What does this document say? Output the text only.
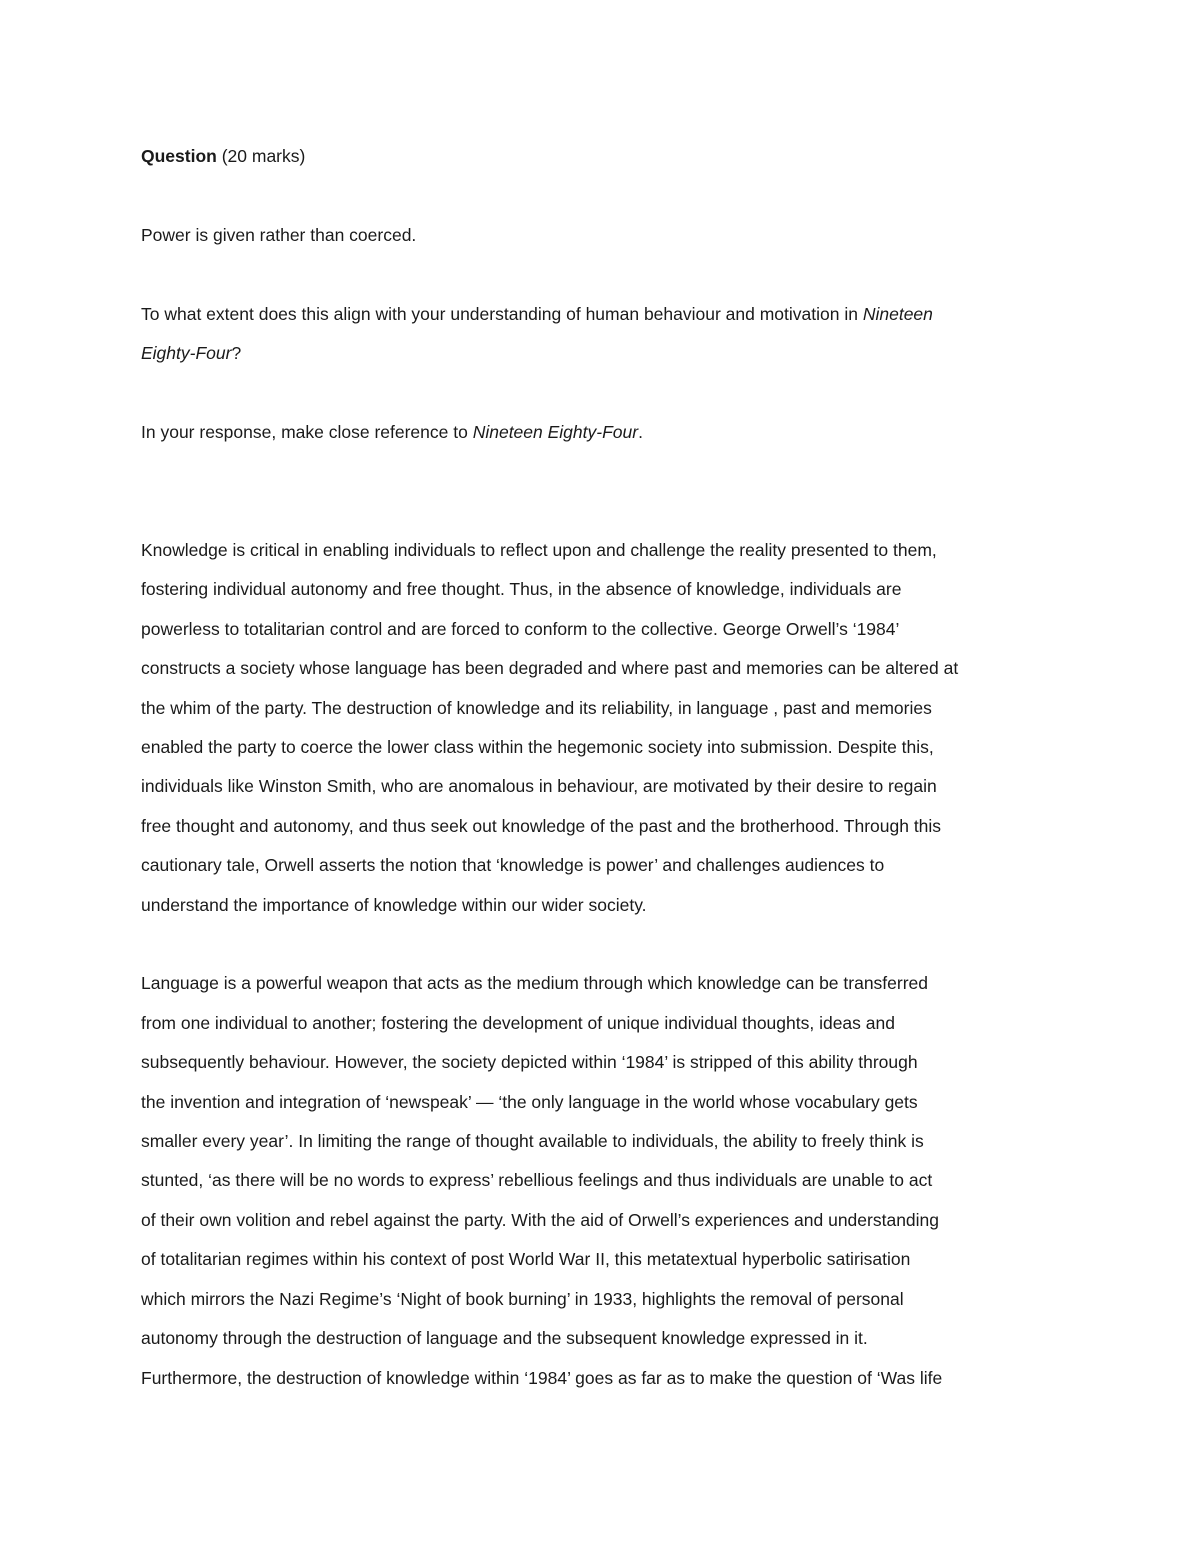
Question (20 marks)

Power is given rather than coerced.

To what extent does this align with your understanding of human behaviour and motivation in Nineteen
Eighty-Four?

In your response, make close reference to Nineteen Eighty-Four.

Knowledge is critical in enabling individuals to reflect upon and challenge the reality presented to them,
fostering individual autonomy and free thought. Thus, in the absence of knowledge, individuals are
powerless to totalitarian control and are forced to conform to the collective. George Orwell’s ‘1984’
constructs a society whose language has been degraded and where past and memories can be altered at
the whim of the party. The destruction of knowledge and its reliability, in language , past and memories
enabled the party to coerce the lower class within the hegemonic society into submission. Despite this,
individuals like Winston Smith, who are anomalous in behaviour, are motivated by their desire to regain
free thought and autonomy, and thus seek out knowledge of the past and the brotherhood. Through this
cautionary tale, Orwell asserts the notion that ‘knowledge is power’ and challenges audiences to
understand the importance of knowledge within our wider society.

Language is a powerful weapon that acts as the medium through which knowledge can be transferred
from one individual to another; fostering the development of unique individual thoughts, ideas and
subsequently behaviour. However, the society depicted within ‘1984’ is stripped of this ability through
the invention and integration of ‘newspeak’ — ‘the only language in the world whose vocabulary gets
smaller every year’. In limiting the range of thought available to individuals, the ability to freely think is
stunted, ‘as there will be no words to express’ rebellious feelings and thus individuals are unable to act
of their own volition and rebel against the party. With the aid of Orwell’s experiences and understanding
of totalitarian regimes within his context of post World War II, this metatextual hyperbolic satirisation
which mirrors the Nazi Regime’s ‘Night of book burning’ in 1933, highlights the removal of personal
autonomy through the destruction of language and the subsequent knowledge expressed in it.
Furthermore, the destruction of knowledge within ‘1984’ goes as far as to make the question of ‘Was life
